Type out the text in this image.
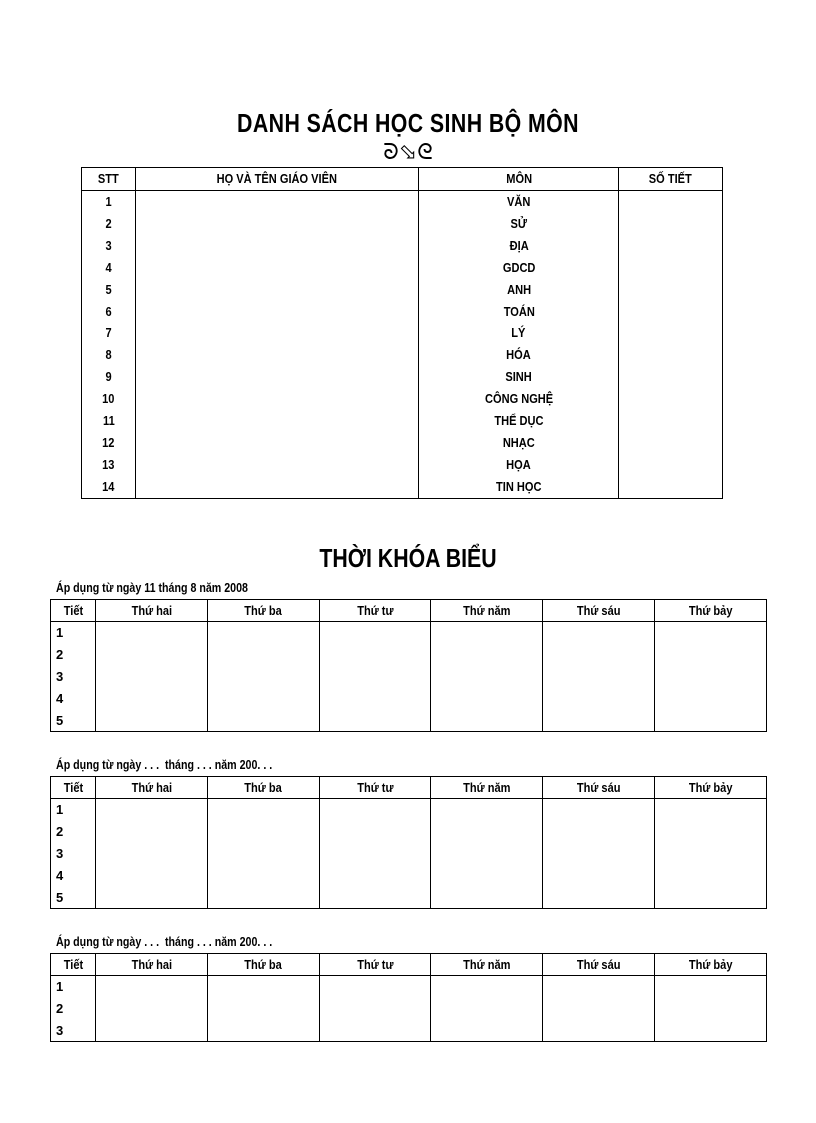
DANH SÁCH HỌC SINH BỘ MÔN
ᘐ⬂ᘓ
STT	HỌ VÀ TÊN GIÁO VIÊN	MÔN	SỐ TIẾT
1		VĂN	
2		SỬ	
3		ĐỊA	
4		GDCD	
5		ANH	
6		TOÁN	
7		LÝ	
8		HÓA	
9		SINH	
10		CÔNG NGHỆ	
11		THỂ DỤC	
12		NHẠC	
13		HỌA	
14		TIN HỌC	
THỜI KHÓA BIỂU
Áp dụng từ ngày 11 tháng 8 năm 2008
Tiết	Thứ hai	Thứ ba	Thứ tư	Thứ năm	Thứ sáu	Thứ bảy
1						
2						
3						
4						
5						
Áp dụng từ ngày . . .  tháng . . . năm 200. . .
Tiết	Thứ hai	Thứ ba	Thứ tư	Thứ năm	Thứ sáu	Thứ bảy
1						
2						
3						
4						
5						
Áp dụng từ ngày . . .  tháng . . . năm 200. . .
Tiết	Thứ hai	Thứ ba	Thứ tư	Thứ năm	Thứ sáu	Thứ bảy
1						
2						
3						
